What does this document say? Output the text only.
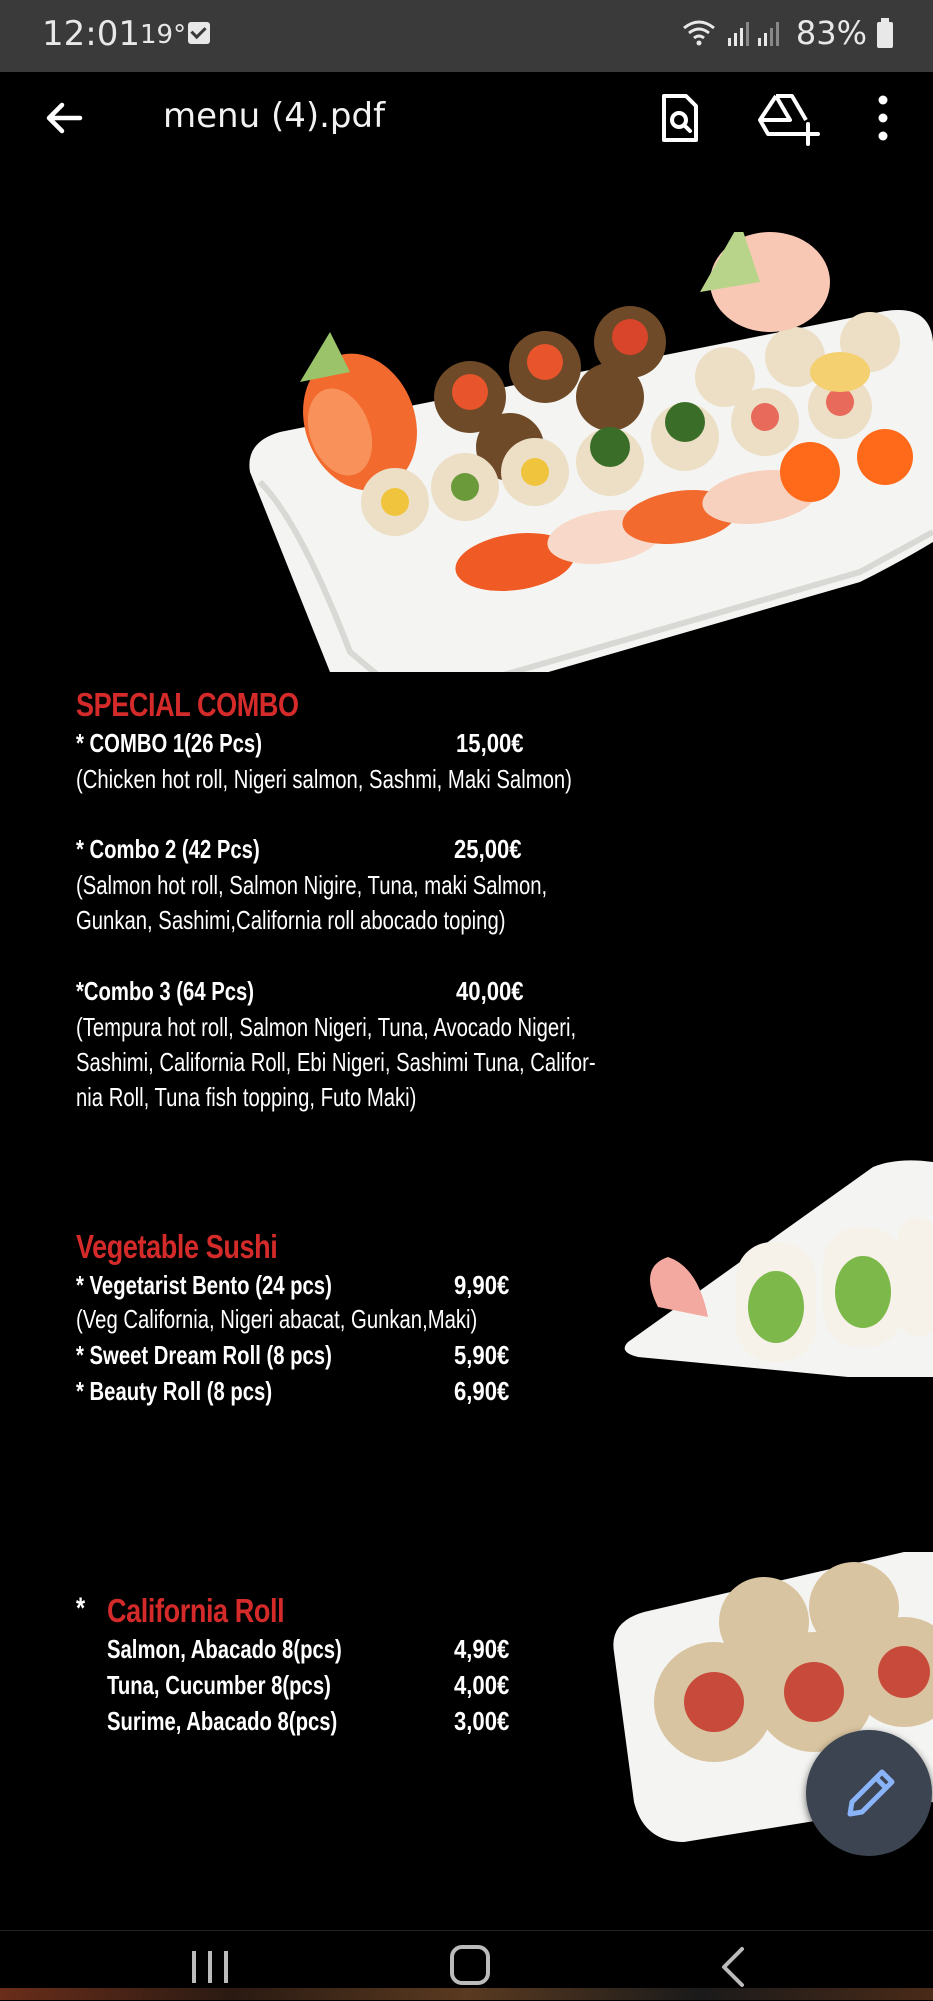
12:01 19°	83%
menu (4).pdf
SPECIAL COMBO
* COMBO 1(26 Pcs)	15,00€
(Chicken hot roll, Nigeri salmon, Sashmi, Maki Salmon)
* Combo 2 (42 Pcs)	25,00€
(Salmon hot roll, Salmon Nigire, Tuna, maki Salmon,
Gunkan, Sashimi,California roll abocado toping)
*Combo 3 (64 Pcs)	40,00€
(Tempura hot roll, Salmon Nigeri, Tuna, Avocado Nigeri,
Sashimi, California Roll, Ebi Nigeri, Sashimi Tuna, Califor-
nia Roll, Tuna fish topping, Futo Maki)
Vegetable Sushi
* Vegetarist Bento (24 pcs)	9,90€
(Veg California, Nigeri abacat, Gunkan,Maki)
* Sweet Dream Roll (8 pcs)	5,90€
* Beauty Roll (8 pcs)	6,90€
* California Roll
Salmon, Abacado 8(pcs)	4,90€
Tuna, Cucumber 8(pcs)	4,00€
Surime, Abacado 8(pcs)	3,00€
